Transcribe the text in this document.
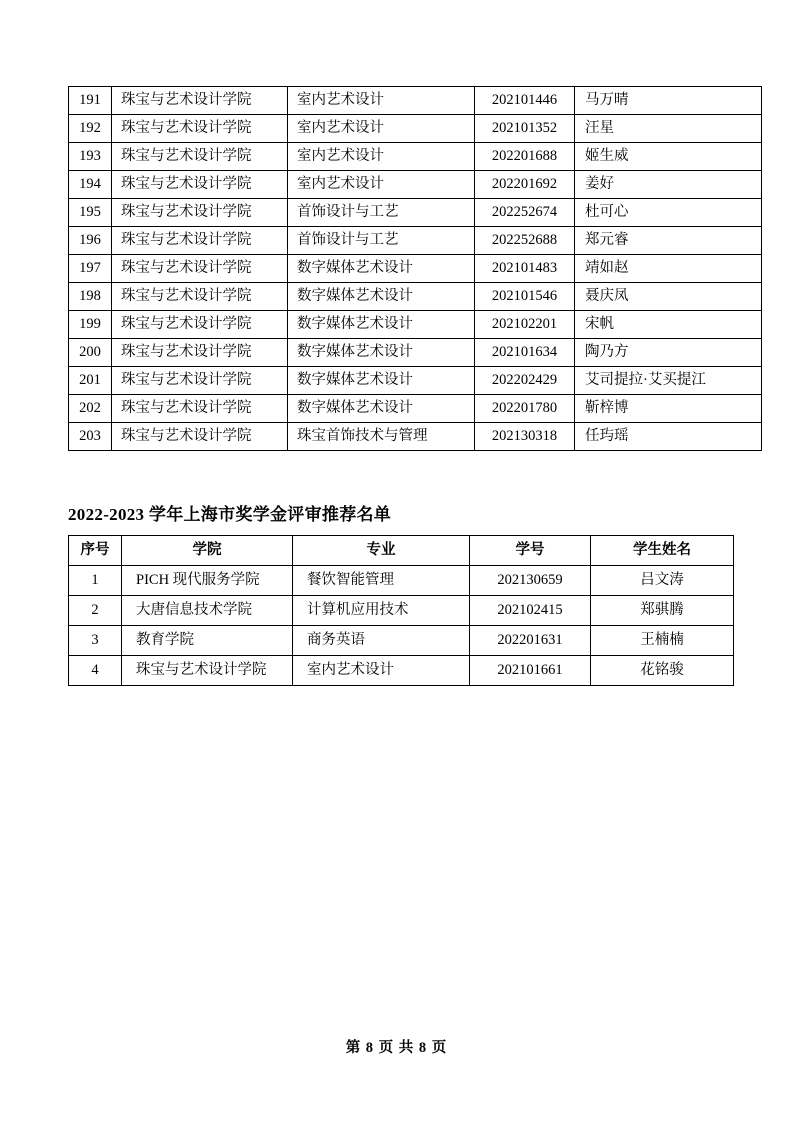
191	珠宝与艺术设计学院	室内艺术设计	202101446	马万晴
192	珠宝与艺术设计学院	室内艺术设计	202101352	汪星
193	珠宝与艺术设计学院	室内艺术设计	202201688	姬生威
194	珠宝与艺术设计学院	室内艺术设计	202201692	姜好
195	珠宝与艺术设计学院	首饰设计与工艺	202252674	杜可心
196	珠宝与艺术设计学院	首饰设计与工艺	202252688	郑元睿
197	珠宝与艺术设计学院	数字媒体艺术设计	202101483	靖如赵
198	珠宝与艺术设计学院	数字媒体艺术设计	202101546	聂庆凤
199	珠宝与艺术设计学院	数字媒体艺术设计	202102201	宋帆
200	珠宝与艺术设计学院	数字媒体艺术设计	202101634	陶乃方
201	珠宝与艺术设计学院	数字媒体艺术设计	202202429	艾司提拉·艾买提江
202	珠宝与艺术设计学院	数字媒体艺术设计	202201780	靳梓博
203	珠宝与艺术设计学院	珠宝首饰技术与管理	202130318	任玙瑶
2022-2023 学年上海市奖学金评审推荐名单
序号	学院	专业	学号	学生姓名
1	PICH 现代服务学院	餐饮智能管理	202130659	吕文涛
2	大唐信息技术学院	计算机应用技术	202102415	郑骐腾
3	教育学院	商务英语	202201631	王楠楠
4	珠宝与艺术设计学院	室内艺术设计	202101661	花铭骏
第 8 页 共 8 页
